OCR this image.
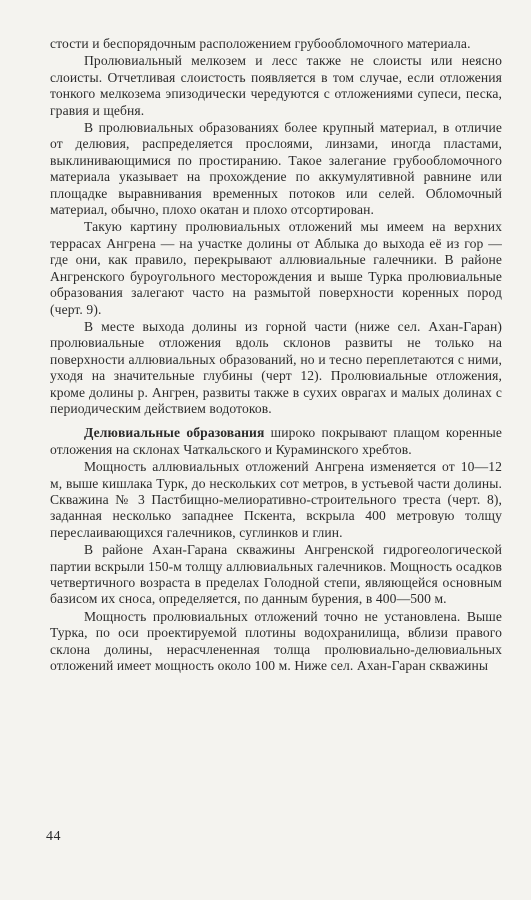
стости и беспорядочным расположением грубообломочного материала.

Пролювиальный мелкозем и лесс также не слоисты или неясно слоисты. Отчетливая слоистость появляется в том случае, если отложения тонкого мелкозема эпизодически чередуются с отложениями супеси, песка, гравия и щебня.

В пролювиальных образованиях более крупный материал, в отличие от делювия, распределяется прослоями, линзами, иногда пластами, выклинивающимися по простиранию. Такое залегание грубообломочного материала указывает на прохождение по аккумулятивной равнине или площадке выравнивания временных потоков или селей. Обломочный материал, обычно, плохо окатан и плохо отсортирован.

Такую картину пролювиальных отложений мы имеем на верхних террасах Ангрена — на участке долины от Аблыка до выхода её из гор — где они, как правило, перекрывают аллювиальные галечники. В районе Ангренского буроугольного месторождения и выше Турка пролювиальные образования залегают часто на размытой поверхности коренных пород (черт. 9).

В месте выхода долины из горной части (ниже сел. Ахан-Гаран) пролювиальные отложения вдоль склонов развиты не только на поверхности аллювиальных образований, но и тесно переплетаются с ними, уходя на значительные глубины (черт 12). Пролювиальные отложения, кроме долины р. Ангрен, развиты также в сухих оврагах и малых долинах с периодическим действием водотоков.

Делювиальные образования широко покрывают плащом коренные отложения на склонах Чаткальского и Кураминского хребтов.

Мощность аллювиальных отложений Ангрена изменяется от 10—12 м, выше кишлака Турк, до нескольких сот метров, в устьевой части долины. Скважина № 3 Пастбищно-мелиоративно-строительного треста (черт. 8), заданная несколько западнее Пскента, вскрыла 400 метровую толщу переслаивающихся галечников, суглинков и глин.

В районе Ахан-Гарана скважины Ангренской гидрогеологической партии вскрыли 150-м толщу аллювиальных галечников. Мощность осадков четвертичного возраста в пределах Голодной степи, являющейся основным базисом их сноса, определяется, по данным бурения, в 400—500 м.

Мощность пролювиальных отложений точно не установлена. Выше Турка, по оси проектируемой плотины водохранилища, вблизи правого склона долины, нерасчлененная толща пролювиально-делювиальных отложений имеет мощность около 100 м. Ниже сел. Ахан-Гаран скважины

44
